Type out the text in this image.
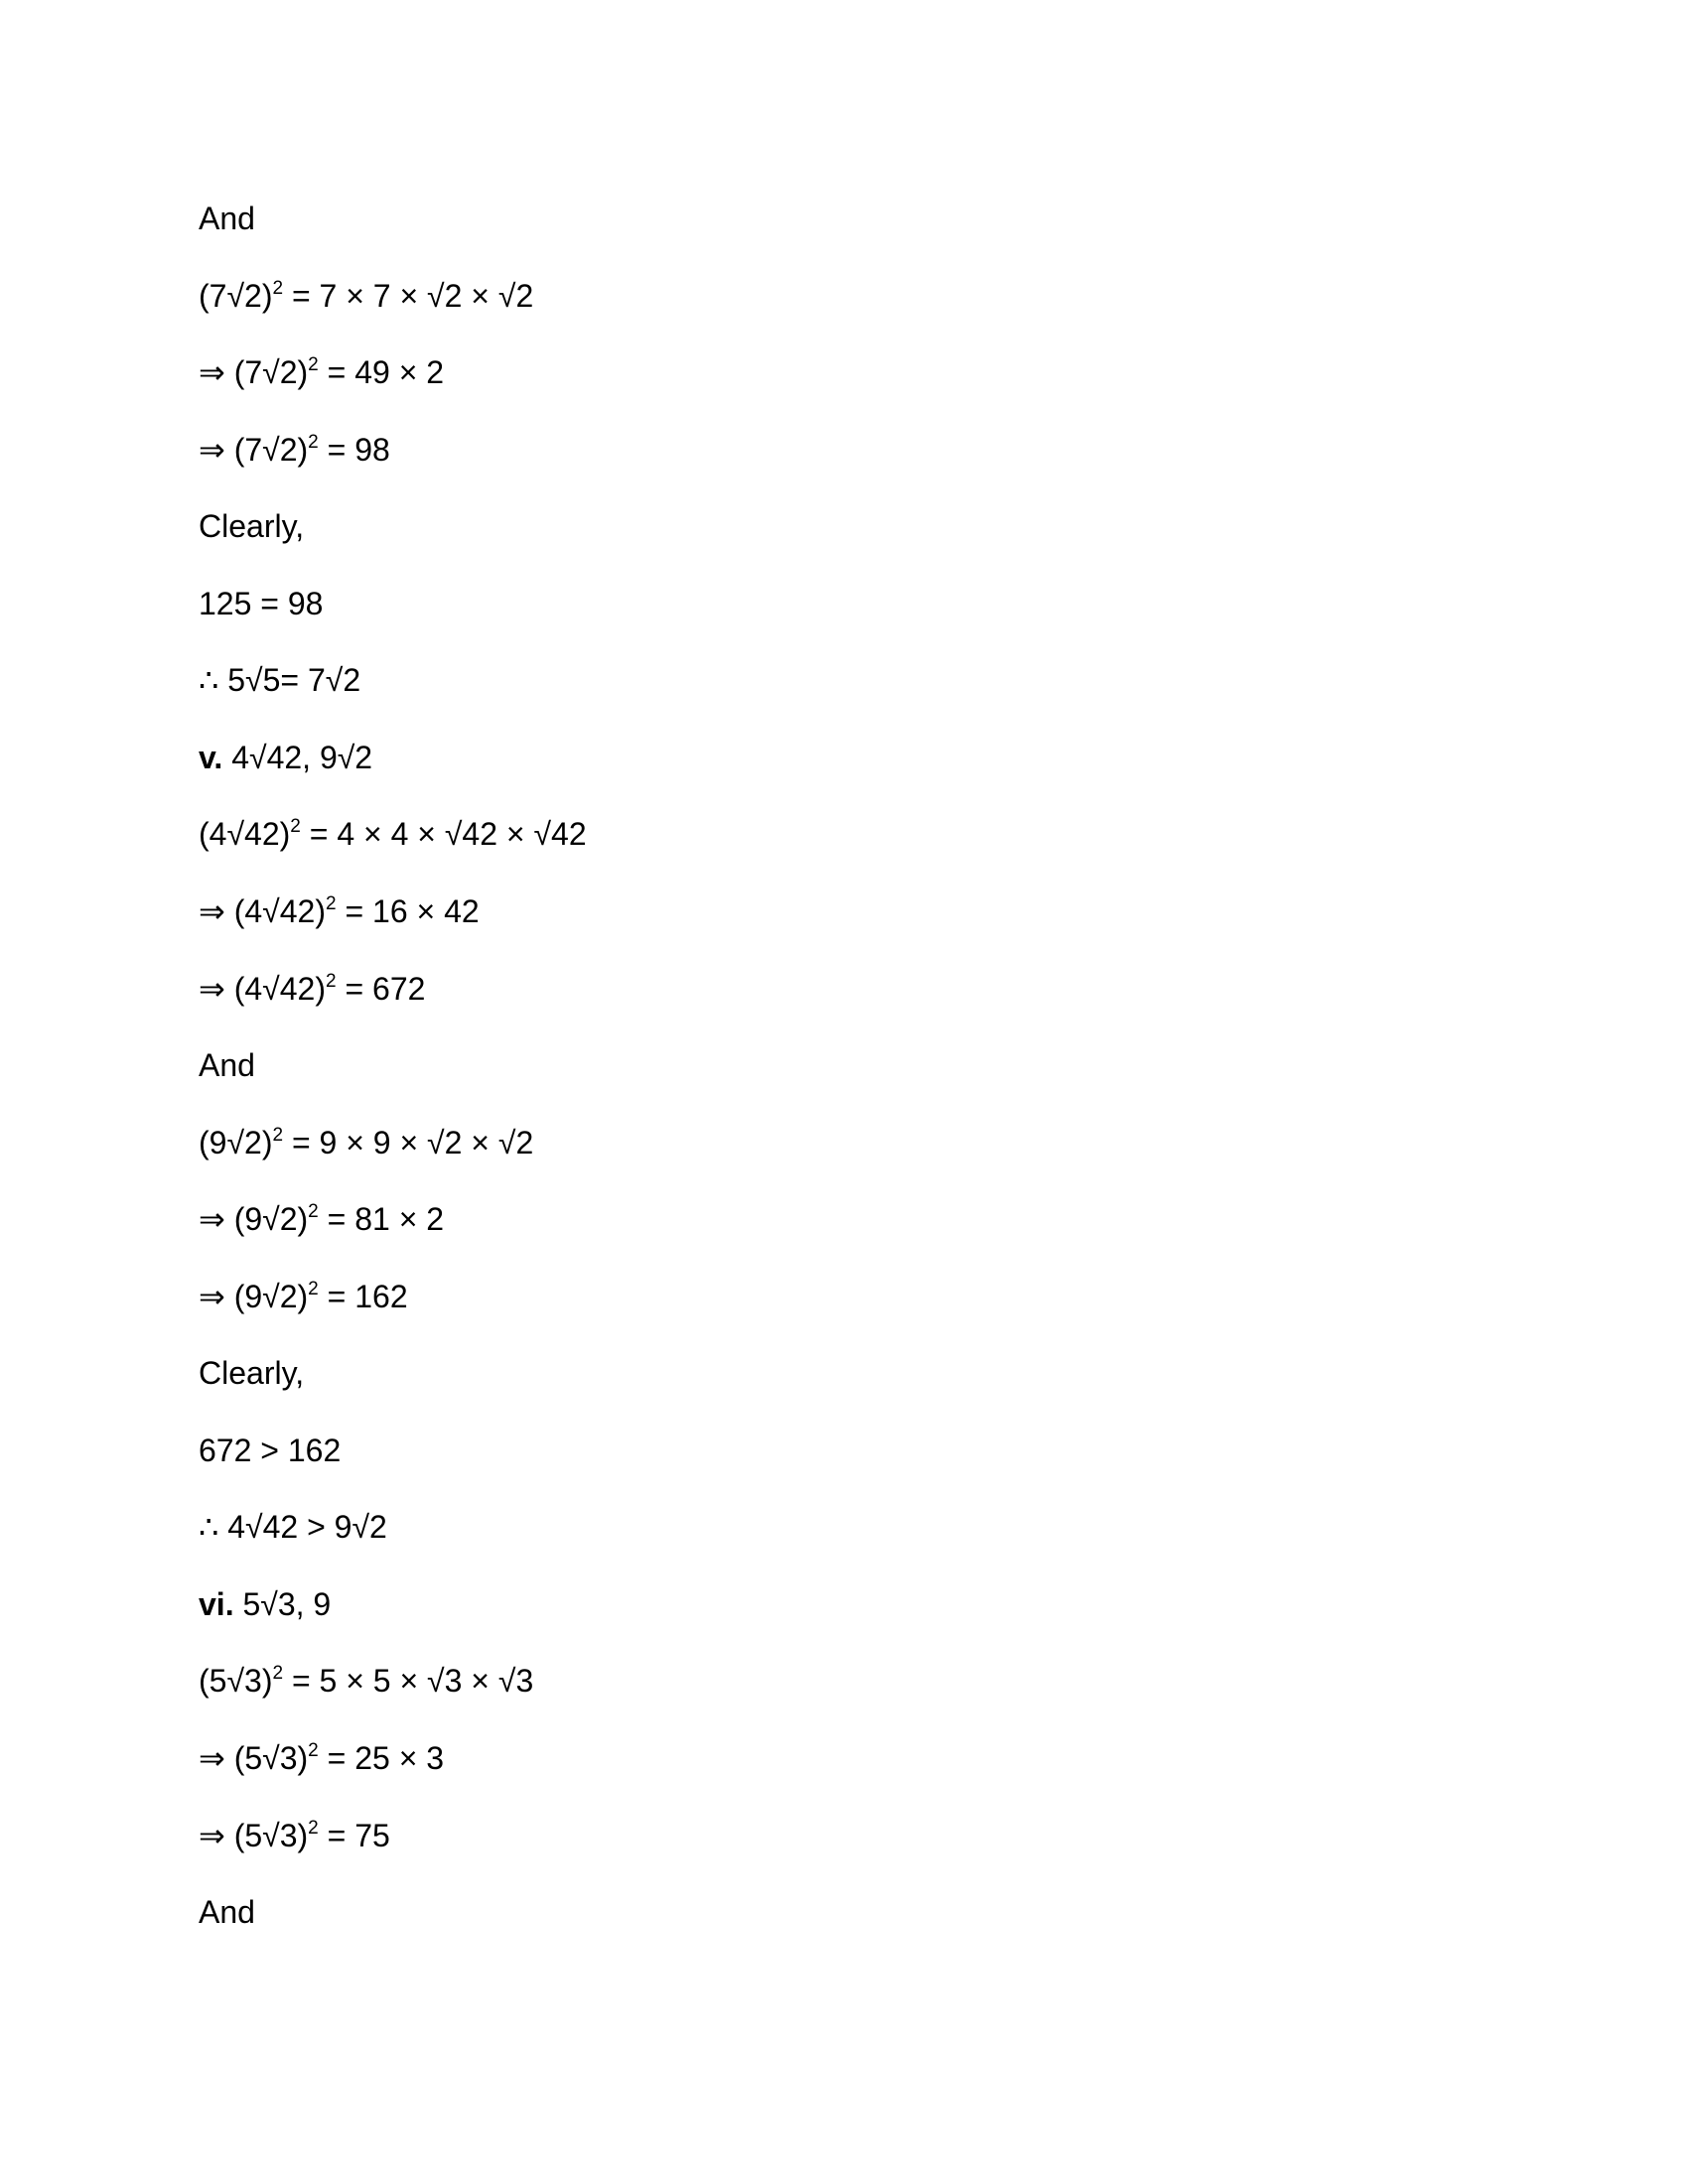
And
$(7√2)^2 = 7 \times 7 \times √2 \times √2$
⇒ $(7√2)^2 = 49 \times 2$
⇒ $(7√2)^2 = 98$
Clearly,
125 = 98
∴ 5√5= 7√2
v. 4√42, 9√2
$(4√42)^2 = 4 \times 4 \times √42 \times √42$
⇒ $(4√42)^2 = 16 \times 42$
⇒ $(4√42)^2 = 672$
And
$(9√2)^2 = 9 \times 9 \times √2 \times √2$
⇒ $(9√2)^2 = 81 \times 2$
⇒ $(9√2)^2 = 162$
Clearly,
672 > 162
∴ 4√42 > 9√2
vi. 5√3, 9
$(5√3)^2 = 5 \times 5 \times √3 \times √3$
⇒ $(5√3)^2 = 25 \times 3$
⇒ $(5√3)^2 = 75$
And
